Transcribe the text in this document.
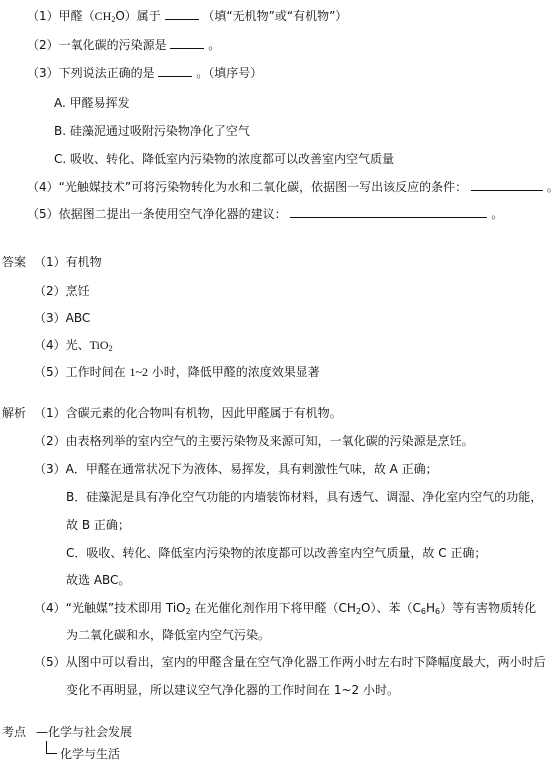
（1）甲醛$(CH_2O)$属于	（填“无机物”或“有机物”）
（2）一氧化碳的污染源是	。
（3）下列说法正确的是	。（填序号）
A. 甲醛易挥发
B. 硅藻泥通过吸附污染物净化了空气
C. 吸收、转化、降低室内污染物的浓度都可以改善室内空气质量
（4）“光触媒技术”可将污染物转化为水和二氧化碳，依据图一写出该反应的条件：	。
（5）依据图二提出一条使用空气净化器的建议：	。
答案 （1）有机物
（2）烹饪
（3）ABC
（4）光、TiO$_2$
（5）工作时间在 1~2 小时，降低甲醛的浓度效果显著
解析 （1）含碳元素的化合物叫有机物，因此甲醛属于有机物。
（2）由表格列举的室内空气的主要污染物及来源可知，一氧化碳的污染源是烹饪。
（3）A．甲醛在通常状况下为液体、易挥发，具有剌激性气味，故 A 正确；
B．硅藻泥是具有净化空气功能的内墙装饰材料，具有透气、调湿、净化室内空气的功能，
故 B 正确；
C．吸收、转化、降低室内污染物的浓度都可以改善室内空气质量，故 C 正确；
故选 ABC。
（4）“光触媒”技术即用 TiO$_2$ 在光催化剂作用下将甲醛$(CH_2O)$、苯$(C_6H_6)$等有害物质转化
为二氧化碳和水，降低室内空气污染。
（5）从图中可以看出，室内的甲醛含量在空气净化器工作两小时左右时下降幅度最大，两小时后
变化不再明显，所以建议空气净化器的工作时间在 1~2 小时。
考点 —化学与社会发展
化学与生活
